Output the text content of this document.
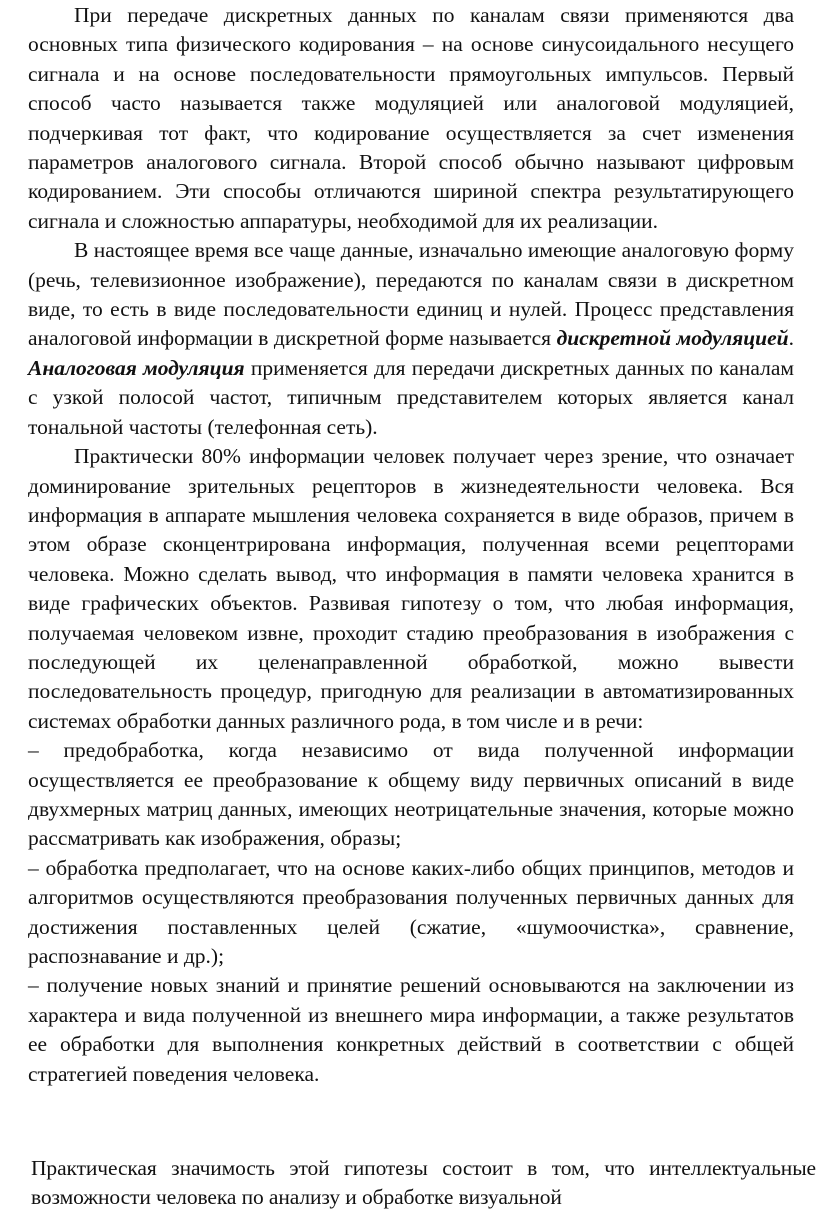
При передаче дискретных данных по каналам связи применяются два основных типа физического кодирования – на основе синусоидального несущего сигнала и на основе последовательности прямоугольных импульсов. Первый способ часто называется также модуляцией или аналоговой модуляцией, подчеркивая тот факт, что кодирование осуществляется за счет изменения параметров аналогового сигнала. Второй способ обычно называют цифровым кодированием. Эти способы отличаются шириной спектра результатирующего сигнала и сложностью аппаратуры, необходимой для их реализации.

В настоящее время все чаще данные, изначально имеющие аналоговую форму (речь, телевизионное изображение), передаются по каналам связи в дискретном виде, то есть в виде последовательности единиц и нулей. Процесс представления аналоговой информации в дискретной форме называется дискретной модуляцией. Аналоговая модуляция применяется для передачи дискретных данных по каналам с узкой полосой частот, типичным представителем которых является канал тональной частоты (телефонная сеть).

Практически 80% информации человек получает через зрение, что означает доминирование зрительных рецепторов в жизнедеятельности человека. Вся информация в аппарате мышления человека сохраняется в виде образов, причем в этом образе сконцентрирована информация, полученная всеми рецепторами человека. Можно сделать вывод, что информация в памяти человека хранится в виде графических объектов. Развивая гипотезу о том, что любая информация, получаемая человеком извне, проходит стадию преобразования в изображения с последующей их целенаправленной обработкой, можно вывести последовательность процедур, пригодную для реализации в автоматизированных системах обработки данных различного рода, в том числе и в речи:

– предобработка, когда независимо от вида полученной информации осуществляется ее преобразование к общему виду первичных описаний в виде двухмерных матриц данных, имеющих неотрицательные значения, которые можно рассматривать как изображения, образы;

– обработка предполагает, что на основе каких-либо общих принципов, методов и алгоритмов осуществляются преобразования полученных первичных данных для достижения поставленных целей (сжатие, «шумоочистка», сравнение, распознавание и др.);

– получение новых знаний и принятие решений основываются на заключении из характера и вида полученной из внешнего мира информации, а также результатов ее обработки для выполнения конкретных действий в соответствии с общей стратегией поведения человека.

Практическая значимость этой гипотезы состоит в том, что интеллектуальные возможности человека по анализу и обработке визуальной
